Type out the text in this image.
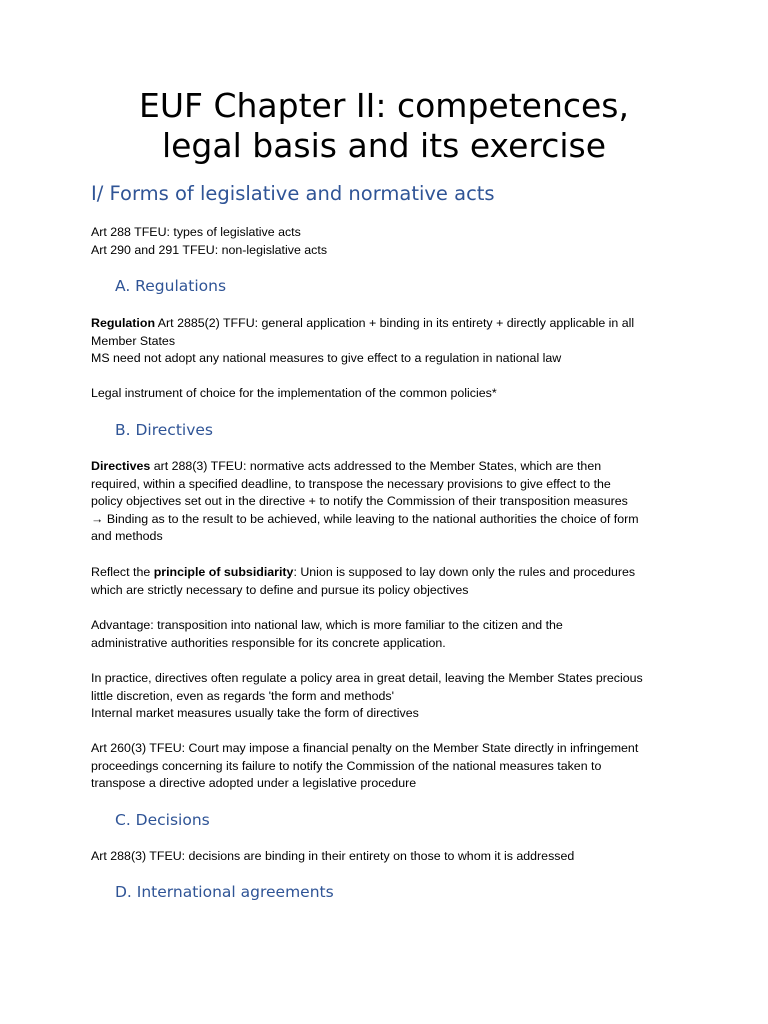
EUF Chapter II: competences,
legal basis and its exercise
I/ Forms of legislative and normative acts

Art 288 TFEU: types of legislative acts
Art 290 and 291 TFEU: non-legislative acts

A. Regulations

Regulation Art 2885(2) TFFU: general application + binding in its entirety + directly applicable in all
Member States
MS need not adopt any national measures to give effect to a regulation in national law

Legal instrument of choice for the implementation of the common policies*

B. Directives

Directives art 288(3) TFEU: normative acts addressed to the Member States, which are then
required, within a specified deadline, to transpose the necessary provisions to give effect to the
policy objectives set out in the directive + to notify the Commission of their transposition measures
→ Binding as to the result to be achieved, while leaving to the national authorities the choice of form
and methods

Reflect the principle of subsidiarity: Union is supposed to lay down only the rules and procedures
which are strictly necessary to define and pursue its policy objectives

Advantage: transposition into national law, which is more familiar to the citizen and the
administrative authorities responsible for its concrete application.

In practice, directives often regulate a policy area in great detail, leaving the Member States precious
little discretion, even as regards 'the form and methods'
Internal market measures usually take the form of directives

Art 260(3) TFEU: Court may impose a financial penalty on the Member State directly in infringement
proceedings concerning its failure to notify the Commission of the national measures taken to
transpose a directive adopted under a legislative procedure

C. Decisions

Art 288(3) TFEU: decisions are binding in their entirety on those to whom it is addressed

D. International agreements
